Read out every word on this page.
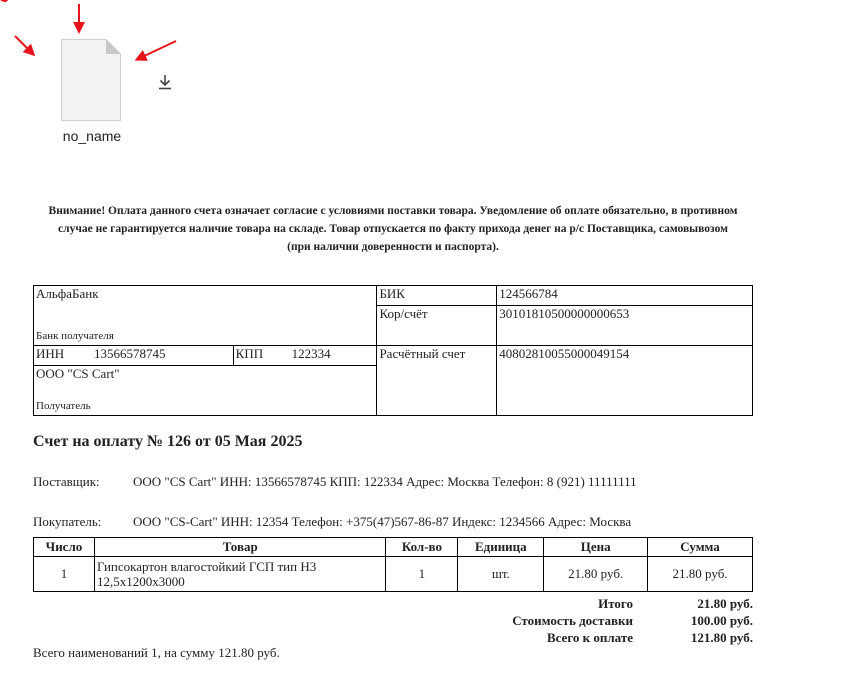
no_name
Внимание! Оплата данного счета означает согласие с условиями поставки товара. Уведомление об оплате обязательно, в противном
случае не гарантируется наличие товара на складе. Товар отпускается по факту прихода денег на р/с Поставщика, самовывозом
(при наличии доверенности и паспорта).
АльфаБанк
Банк получателя		БИК	124566784
		Кор/счёт	30101810500000000653
ИНН 13566578745	КПП 122334	Расчётный счет	40802810055000049154

ООО "CS Cart"
Получатель			
Счет на оплату № 126 от 05 Мая 2025
Поставщик:	ООО "CS Cart" ИНН: 13566578745 КПП: 122334 Адрес: Москва Телефон: 8 (921) 11111111
Покупатель: ООО "CS-Cart" ИНН: 12354 Телефон: +375(47)567-86-87 Индекс: 1234566 Адрес: Москва
Число	Товар	Кол-во	Единица	Цена	Сумма
1	Гипсокартон влагостойкий ГСП тип Н3 12,5х1200х3000	1	шт.	21.80 руб.	21.80 руб.
Итого	21.80 руб.
Стоимость доставки	100.00 руб.
Всего к оплате	121.80 руб.
Всего наименований 1, на сумму 121.80 руб.
